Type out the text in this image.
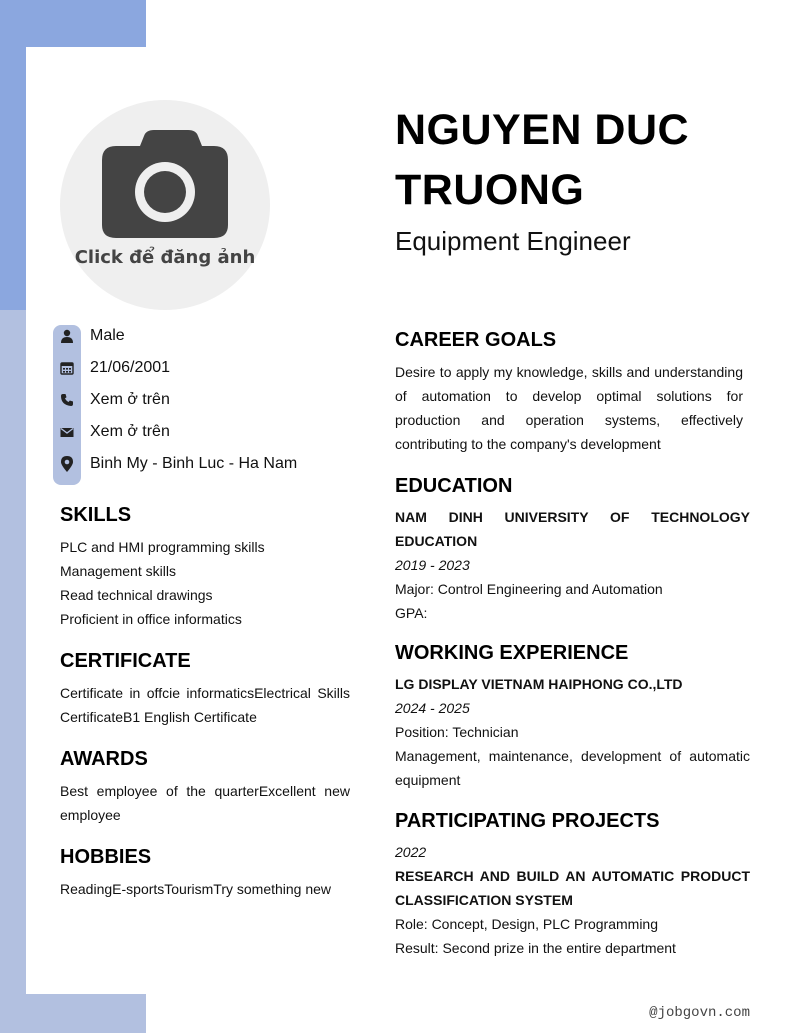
Click để đăng ảnh
NGUYEN DUC TRUONG
Equipment Engineer
Male
21/06/2001
Xem ở trên
Xem ở trên
Binh My - Binh Luc - Ha Nam
SKILLS
PLC and HMI programming skills
Management skills
Read technical drawings
Proficient in office informatics
CERTIFICATE
Certificate in offcie informaticsElectrical Skills CertificateB1 English Certificate
AWARDS
Best employee of the quarterExcellent new employee
HOBBIES
ReadingE-sportsTourismTry something new
CAREER GOALS
Desire to apply my knowledge, skills and understanding of automation to develop optimal solutions for production and operation systems, effectively contributing to the company's development
EDUCATION
NAM DINH UNIVERSITY OF TECHNOLOGY EDUCATION
2019 - 2023
Major: Control Engineering and Automation
GPA:
WORKING EXPERIENCE
LG DISPLAY VIETNAM HAIPHONG CO.,LTD
2024 - 2025
Position: Technician
Management, maintenance, development of automatic equipment
PARTICIPATING PROJECTS
2022
RESEARCH AND BUILD AN AUTOMATIC PRODUCT CLASSIFICATION SYSTEM
Role: Concept, Design, PLC Programming
Result: Second prize in the entire department
@jobgovn.com
